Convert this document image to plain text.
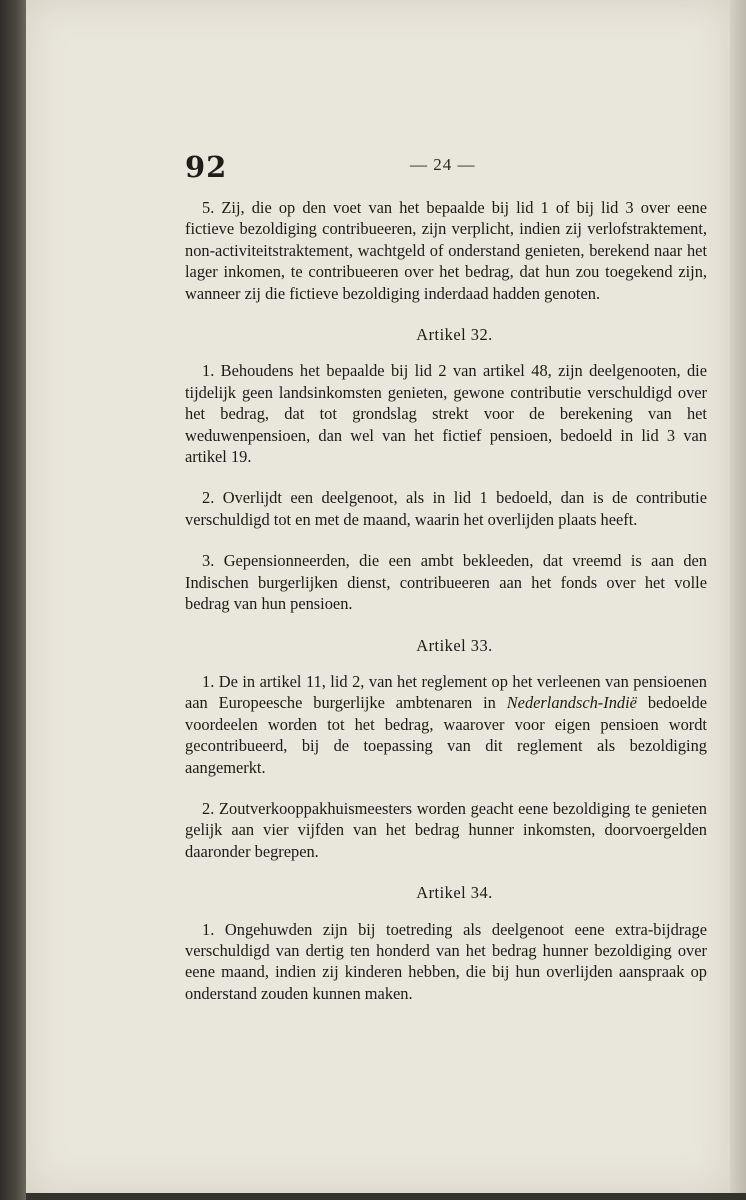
92	— 24 —

5. Zij, die op den voet van het bepaalde bij lid 1 of bij lid 3 over eene fictieve bezoldiging contribueeren, zijn verplicht, indien zij verlofstraktement, non-activiteitstraktement, wachtgeld of onderstand genieten, berekend naar het lager inkomen, te contribueeren over het bedrag, dat hun zou toegekend zijn, wanneer zij die fictieve bezoldiging inderdaad hadden genoten.

Artikel 32.

1. Behoudens het bepaalde bij lid 2 van artikel 48, zijn deelgenooten, die tijdelijk geen landsinkomsten genieten, gewone contributie verschuldigd over het bedrag, dat tot grondslag strekt voor de berekening van het weduwenpensioen, dan wel van het fictief pensioen, bedoeld in lid 3 van artikel 19.

2. Overlijdt een deelgenoot, als in lid 1 bedoeld, dan is de contributie verschuldigd tot en met de maand, waarin het overlijden plaats heeft.

3. Gepensionneerden, die een ambt bekleeden, dat vreemd is aan den Indischen burgerlijken dienst, contribueeren aan het fonds over het volle bedrag van hun pensioen.

Artikel 33.

1. De in artikel 11, lid 2, van het reglement op het verleenen van pensioenen aan Europeesche burgerlijke ambtenaren in Nederlandsch-Indië bedoelde voordeelen worden tot het bedrag, waarover voor eigen pensioen wordt gecontribueerd, bij de toepassing van dit reglement als bezoldiging aangemerkt.

2. Zoutverkooppakhuismeesters worden geacht eene bezoldiging te genieten gelijk aan vier vijfden van het bedrag hunner inkomsten, doorvoergelden daaronder begrepen.

Artikel 34.

1. Ongehuwden zijn bij toetreding als deelgenoot eene extra-bijdrage verschuldigd van dertig ten honderd van het bedrag hunner bezoldiging over eene maand, indien zij kinderen hebben, die bij hun overlijden aanspraak op onderstand zouden kunnen maken.
